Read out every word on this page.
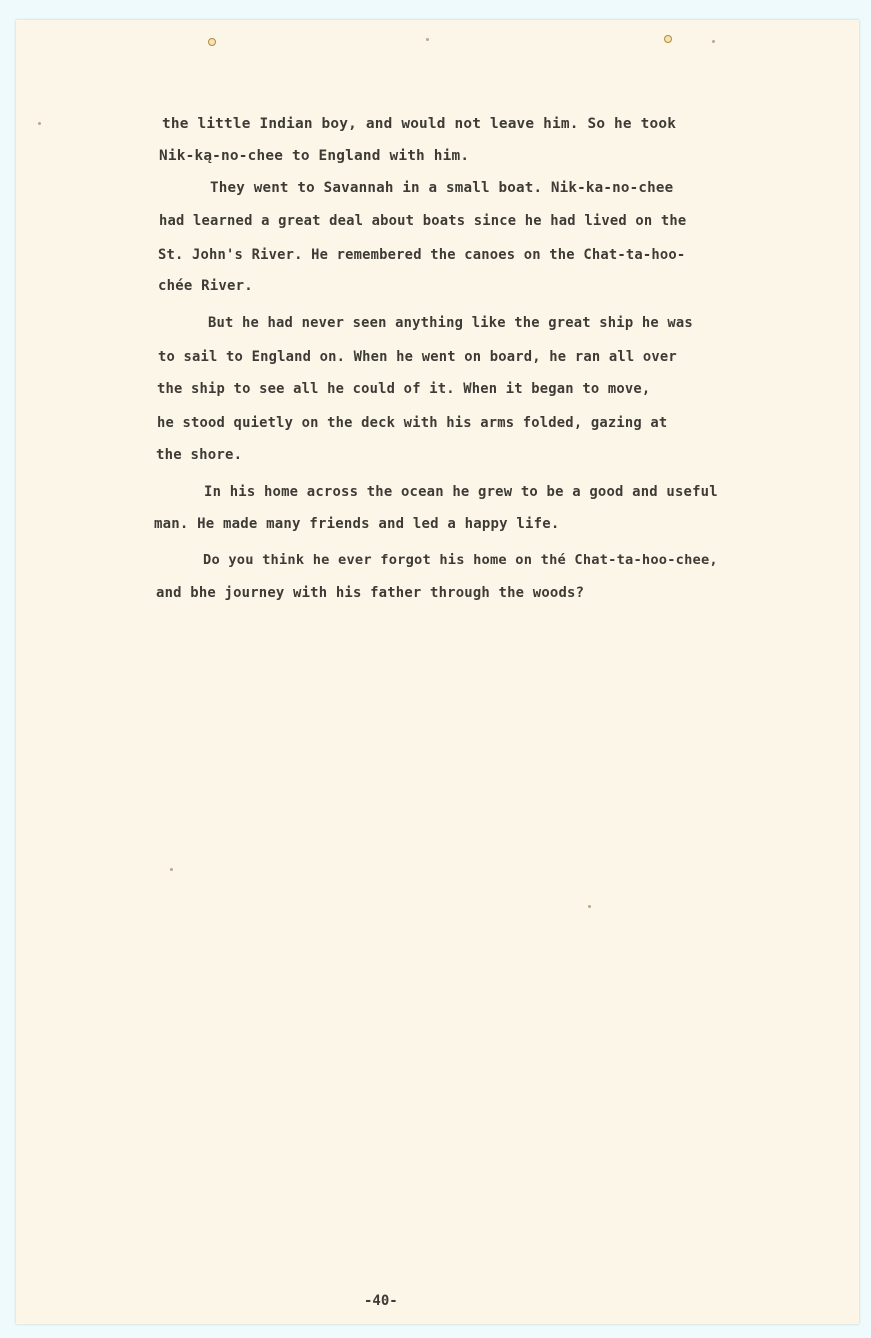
the little Indian boy, and would not leave him. So he took
Nik-ką-no-chee to England with him.
They went to Savannah in a small boat. Nik-ka-no-chee
had learned a great deal about boats since he had lived on the
St. John's River. He remembered the canoes on the Chat-ta-hoo-
chée River.
But he had never seen anything like the great ship he was
to sail to England on. When he went on board, he ran all over
the ship to see all he could of it. When it began to move,
he stood quietly on the deck with his arms folded, gazing at
the shore.
In his home across the ocean he grew to be a good and useful
man. He made many friends and led a happy life.
Do you think he ever forgot his home on thé Chat-ta-hoo-chee,
and bhe journey with his father through the woods?
-40-
